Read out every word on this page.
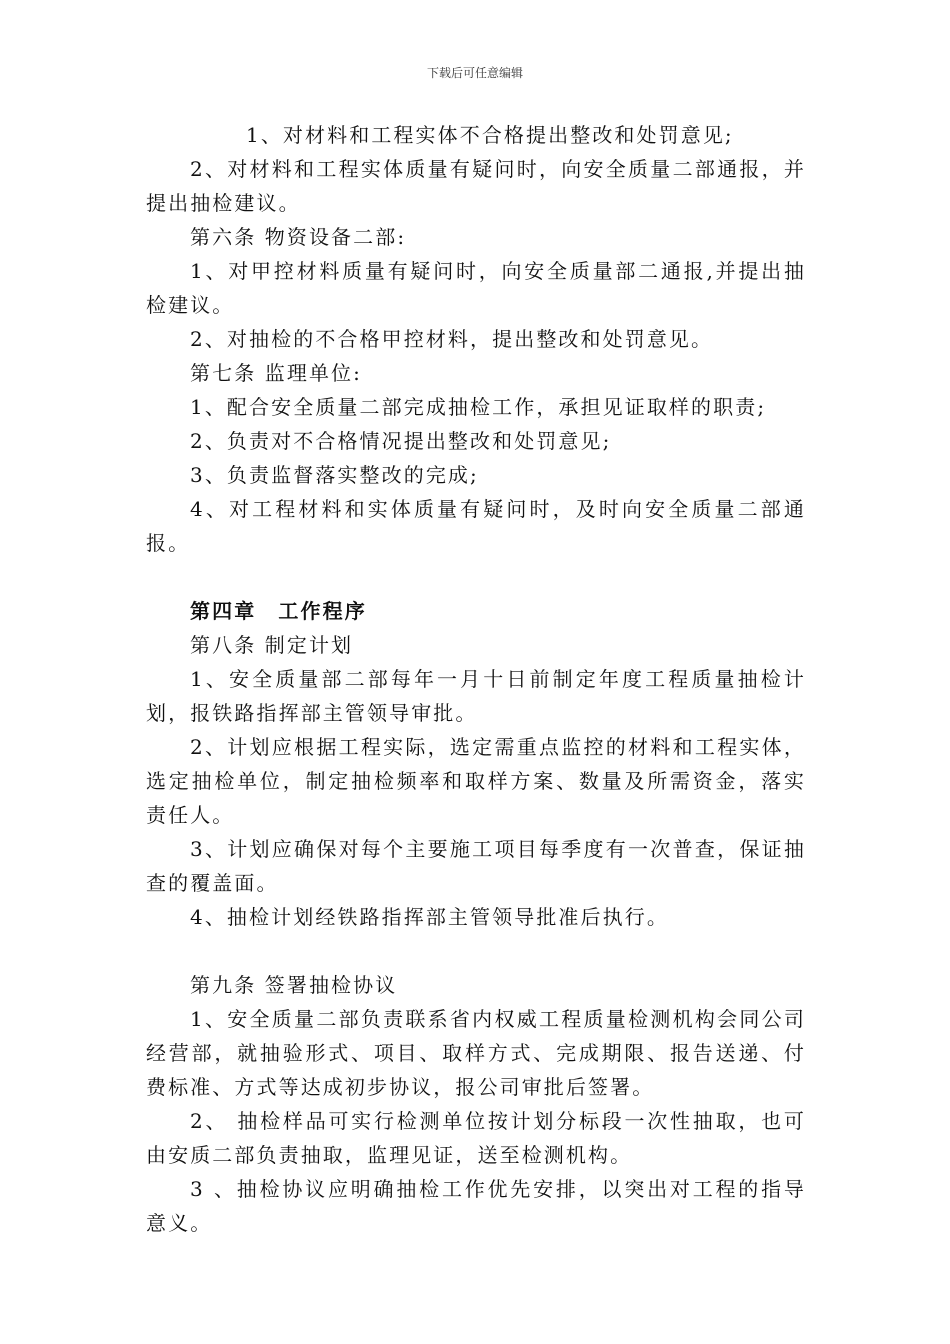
下载后可任意编辑

1、对材料和工程实体不合格提出整改和处罚意见;

2、对材料和工程实体质量有疑问时，向安全质量二部通报，并提出抽检建议。

第六条 物资设备二部:

1、对甲控材料质量有疑问时，向安全质量部二通报,并提出抽检建议。

2、对抽检的不合格甲控材料，提出整改和处罚意见。

第七条 监理单位:

1、配合安全质量二部完成抽检工作，承担见证取样的职责;

2、负责对不合格情况提出整改和处罚意见;

3、负责监督落实整改的完成;

4、对工程材料和实体质量有疑问时，及时向安全质量二部通报。

第四章　工作程序

第八条 制定计划

1、安全质量部二部每年一月十日前制定年度工程质量抽检计划，报铁路指挥部主管领导审批。

2、计划应根据工程实际，选定需重点监控的材料和工程实体，选定抽检单位，制定抽检频率和取样方案、数量及所需资金，落实责任人。

3、计划应确保对每个主要施工项目每季度有一次普查，保证抽查的覆盖面。

4、抽检计划经铁路指挥部主管领导批准后执行。

第九条 签署抽检协议

1、安全质量二部负责联系省内权威工程质量检测机构会同公司经营部，就抽验形式、项目、取样方式、完成期限、报告送递、付费标准、方式等达成初步协议，报公司审批后签署。

2、 抽检样品可实行检测单位按计划分标段一次性抽取，也可由安质二部负责抽取，监理见证，送至检测机构。

3 、抽检协议应明确抽检工作优先安排，以突出对工程的指导意义。
